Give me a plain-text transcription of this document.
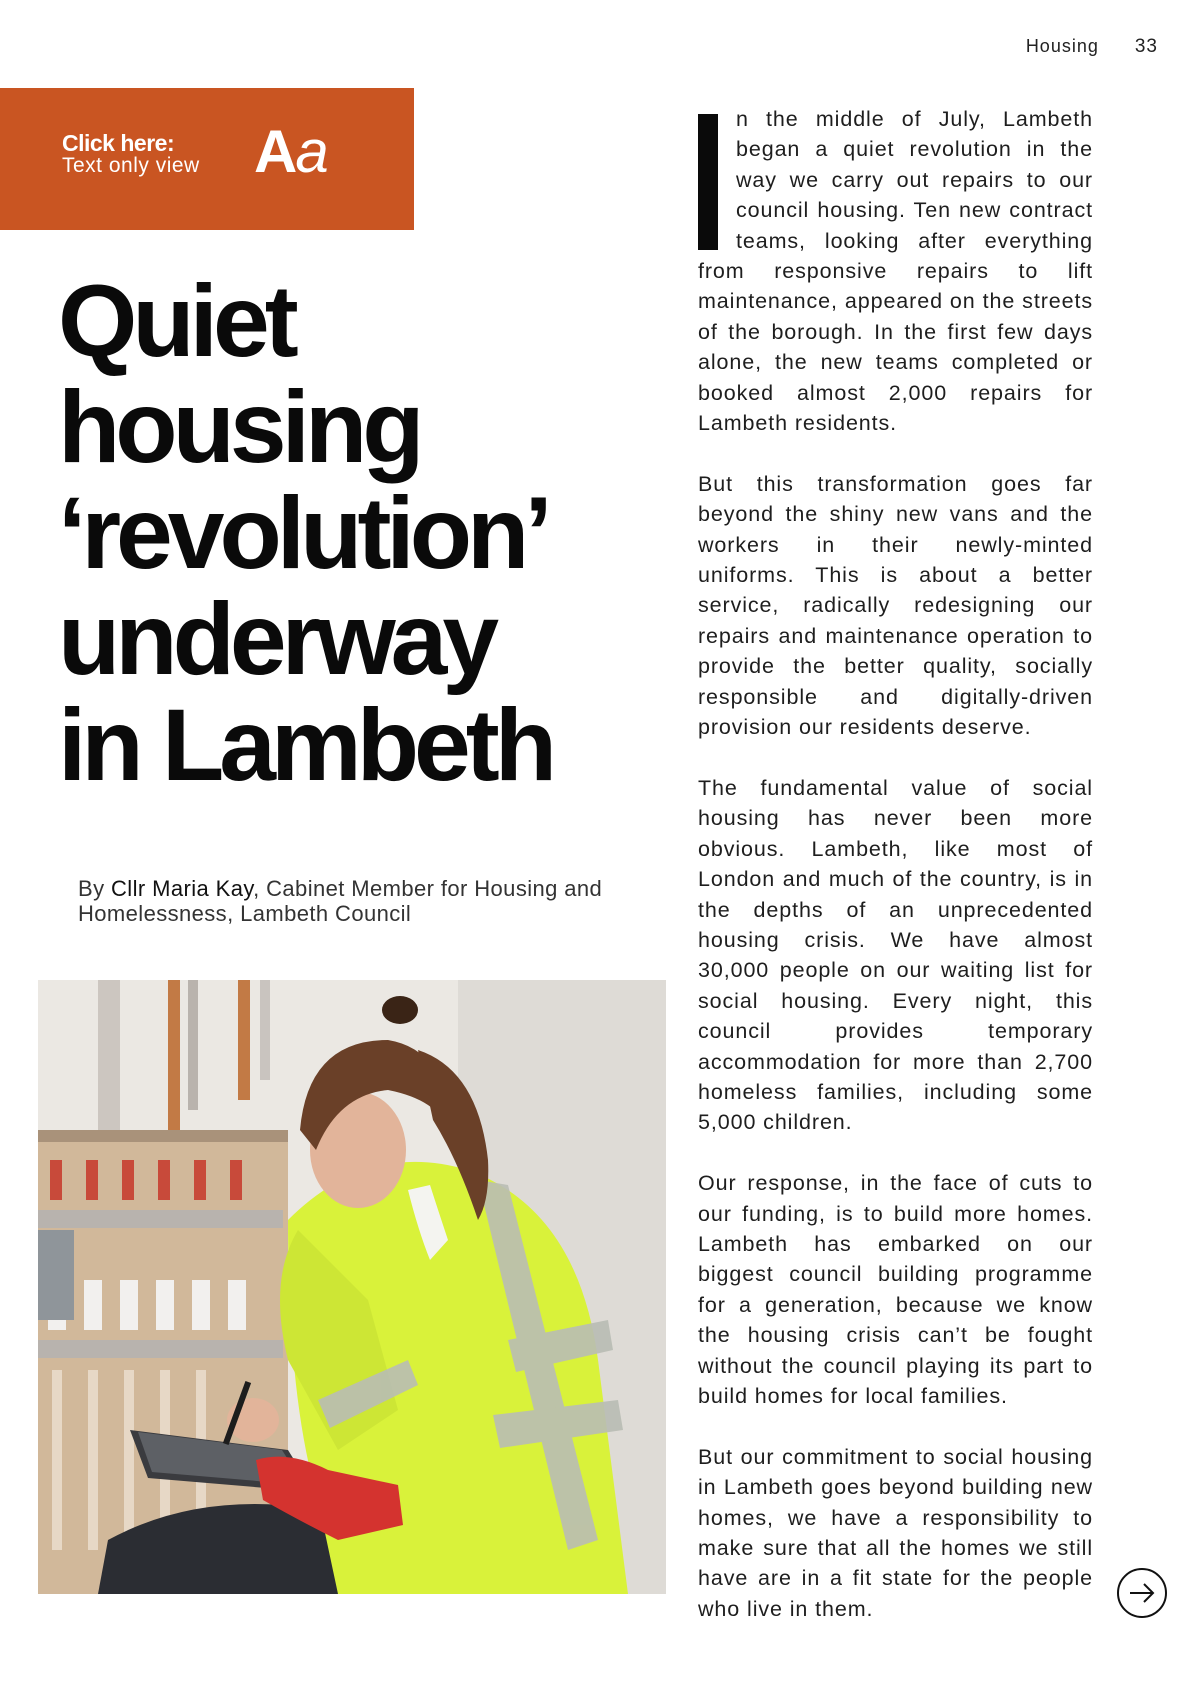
Housing 33
Click here:
Text only view Aa
Quiet
housing
‘revolution’
underway
in Lambeth
By Cllr Maria Kay, Cabinet Member for Housing and Homelessness, Lambeth Council

n the middle of July, Lambeth began a quiet revolution in the way we carry out repairs to our council housing. Ten new contract teams, looking after everything from responsive repairs to lift maintenance, appeared on the streets of the borough. In the first few days alone, the new teams completed or booked almost 2,000 repairs for Lambeth residents.

But this transformation goes far beyond the shiny new vans and the workers in their newly-minted uniforms. This is about a better service, radically redesigning our repairs and maintenance operation to provide the better quality, socially responsible and digitally-driven provision our residents deserve.

The fundamental value of social housing has never been more obvious. Lambeth, like most of London and much of the country, is in the depths of an unprecedented housing crisis. We have almost 30,000 people on our waiting list for social housing. Every night, this council provides temporary accommodation for more than 2,700 homeless families, including some 5,000 children.

Our response, in the face of cuts to our funding, is to build more homes. Lambeth has embarked on our biggest council building programme for a generation, because we know the housing crisis can’t be fought without the council playing its part to build homes for local families.

But our commitment to social housing in Lambeth goes beyond building new homes, we have a responsibility to make sure that all the homes we still have are in a fit state for the people who live in them.
